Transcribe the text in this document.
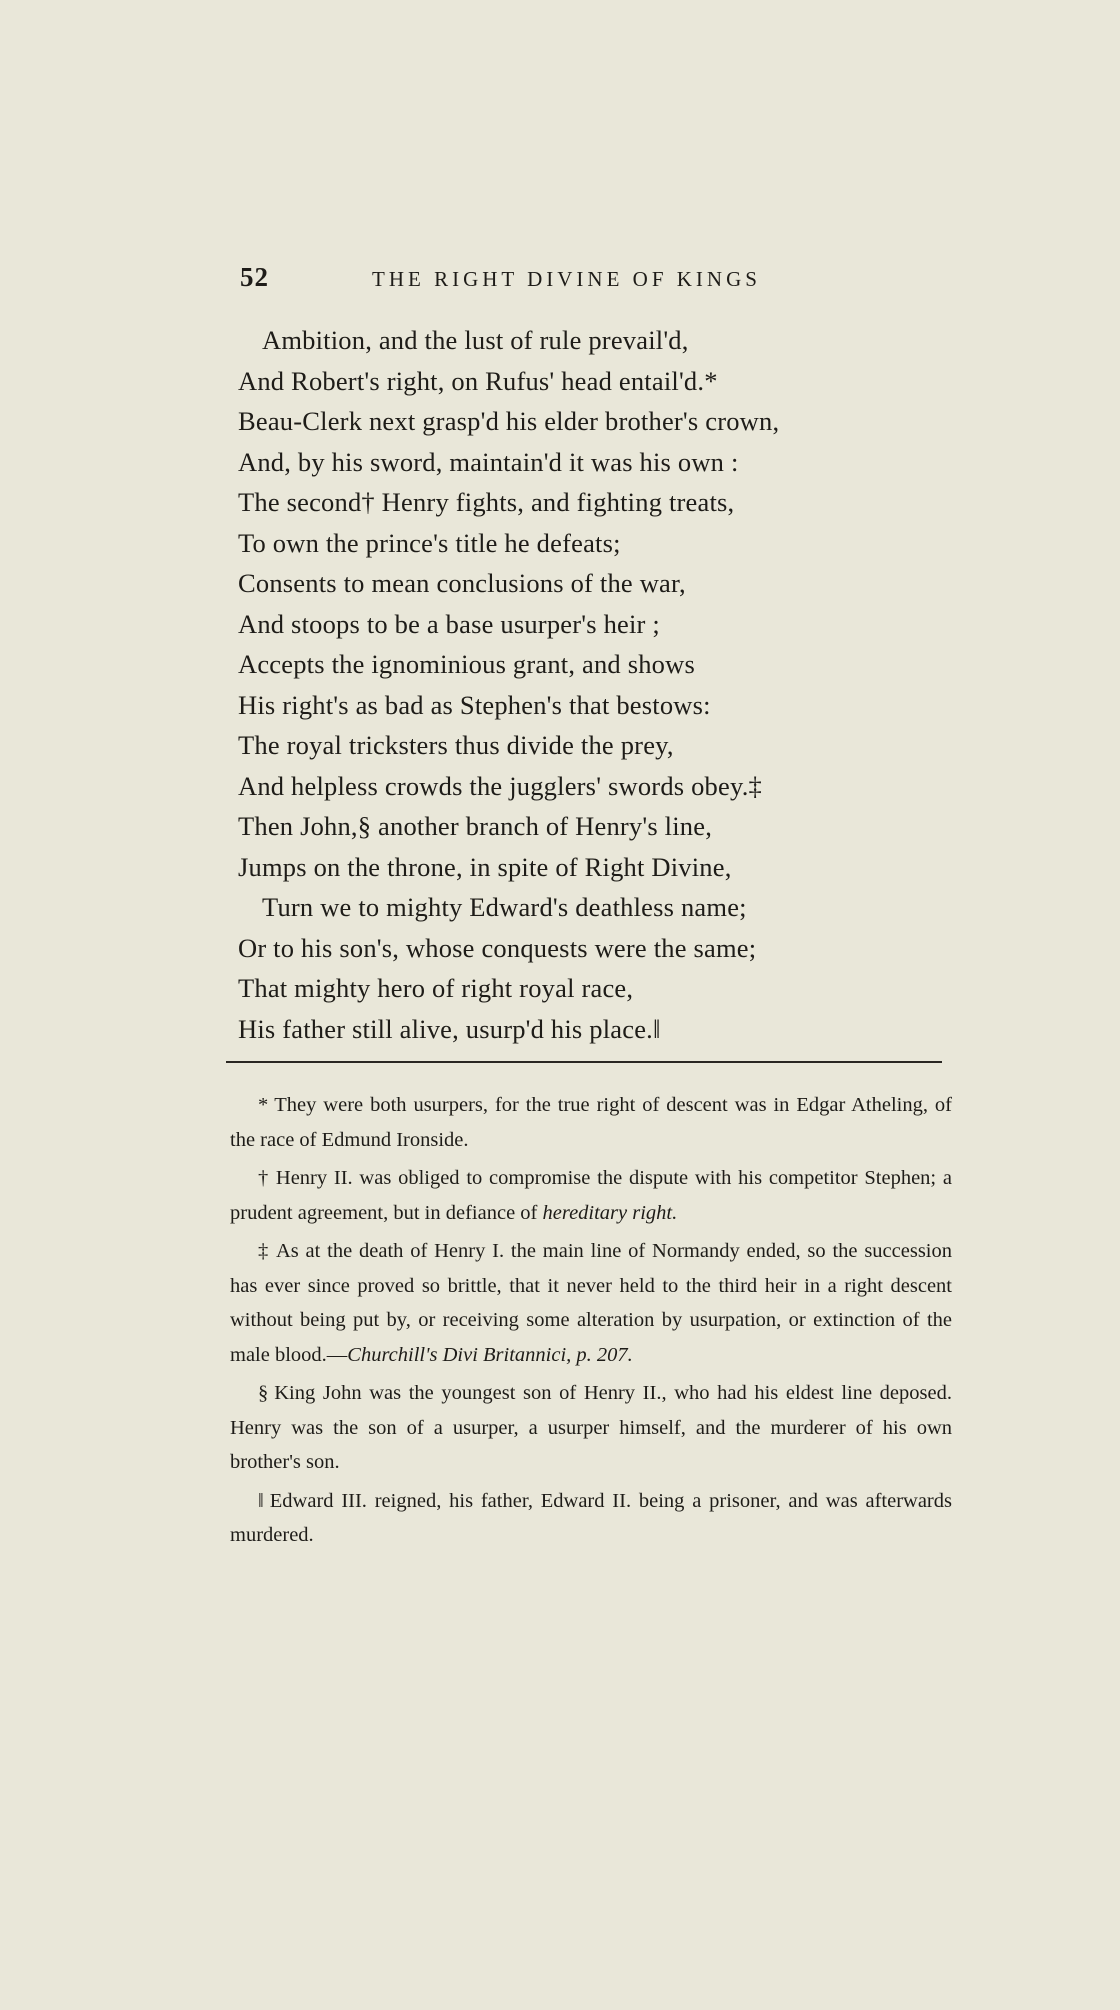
52	THE RIGHT DIVINE OF KINGS
Ambition, and the lust of rule prevail'd,
And Robert's right, on Rufus' head entail'd.*
Beau-Clerk next grasp'd his elder brother's crown,
And, by his sword, maintain'd it was his own :
The second† Henry fights, and fighting treats,
To own the prince's title he defeats;
Consents to mean conclusions of the war,
And stoops to be a base usurper's heir ;
Accepts the ignominious grant, and shows
His right's as bad as Stephen's that bestows:
The royal tricksters thus divide the prey,
And helpless crowds the jugglers' swords obey.‡
Then John,§ another branch of Henry's line,
Jumps on the throne, in spite of Right Divine,
Turn we to mighty Edward's deathless name;
Or to his son's, whose conquests were the same;
That mighty hero of right royal race,
His father still alive, usurp'd his place.‖

* They were both usurpers, for the true right of descent was in Edgar Atheling, of the race of Edmund Ironside.

† Henry II. was obliged to compromise the dispute with his competitor Stephen; a prudent agreement, but in defiance of hereditary right.

‡ As at the death of Henry I. the main line of Normandy ended, so the succession has ever since proved so brittle, that it never held to the third heir in a right descent without being put by, or receiving some alteration by usurpation, or extinction of the male blood.—Churchill's Divi Britannici, p. 207.

§ King John was the youngest son of Henry II., who had his eldest line deposed. Henry was the son of a usurper, a usurper himself, and the murderer of his own brother's son.

‖ Edward III. reigned, his father, Edward II. being a prisoner, and was afterwards murdered.
